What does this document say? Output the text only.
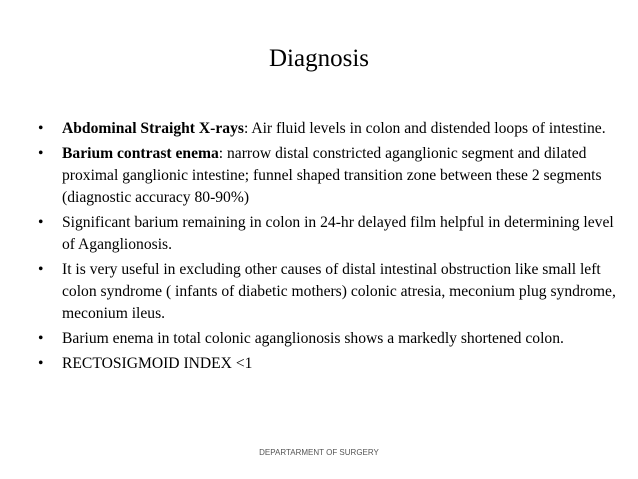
Diagnosis
• Abdominal Straight X-rays: Air fluid levels in colon and distended loops of intestine.
• Barium contrast enema: narrow distal constricted aganglionic segment and dilated proximal ganglionic intestine; funnel shaped transition zone between these 2 segments (diagnostic accuracy 80-90%)
• Significant barium remaining in colon in 24-hr delayed film helpful in determining level of Aganglionosis.
• It is very useful in excluding other causes of distal intestinal obstruction like small left colon syndrome ( infants of diabetic mothers) colonic atresia, meconium plug syndrome, meconium ileus.
• Barium enema in total colonic aganglionosis shows a markedly shortened colon.
• RECTOSIGMOID INDEX <1
DEPARTARMENT OF SURGERY
